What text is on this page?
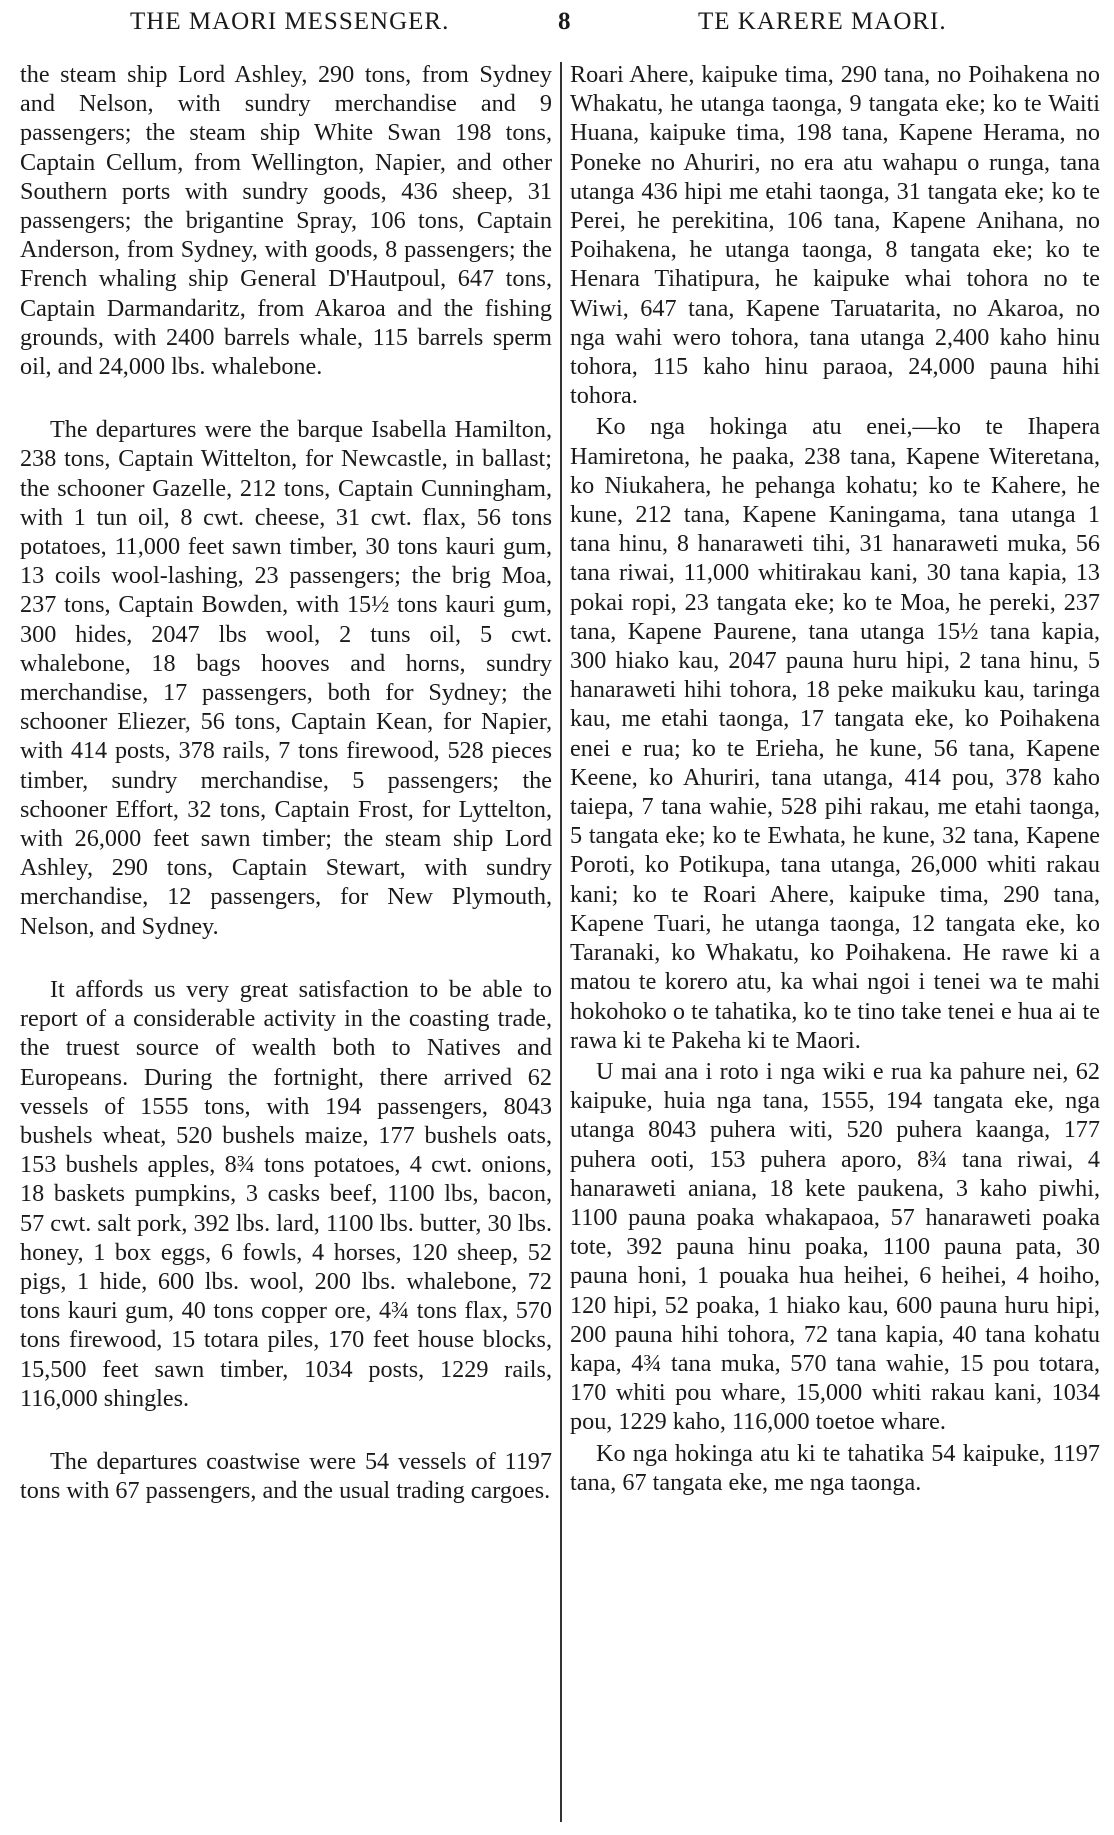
THE MAORI MESSENGER.	8	TE KARERE MAORI.

the steam ship Lord Ashley, 290 tons, from Sydney and Nelson, with sundry merchandise and 9 passengers; the steam ship White Swan 198 tons, Captain Cellum, from Wellington, Napier, and other Southern ports with sundry goods, 436 sheep, 31 passengers; the brigantine Spray, 106 tons, Captain Anderson, from Sydney, with goods, 8 passengers; the French whaling ship General D'Hautpoul, 647 tons, Captain Darmandaritz, from Akaroa and the fishing grounds, with 2400 barrels whale, 115 barrels sperm oil, and 24,000 lbs. whalebone.

The departures were the barque Isabella Hamilton, 238 tons, Captain Wittelton, for Newcastle, in ballast; the schooner Gazelle, 212 tons, Captain Cunningham, with 1 tun oil, 8 cwt. cheese, 31 cwt. flax, 56 tons potatoes, 11,000 feet sawn timber, 30 tons kauri gum, 13 coils wool-lashing, 23 passengers; the brig Moa, 237 tons, Captain Bowden, with 15½ tons kauri gum, 300 hides, 2047 lbs wool, 2 tuns oil, 5 cwt. whalebone, 18 bags hooves and horns, sundry merchandise, 17 passengers, both for Sydney; the schooner Eliezer, 56 tons, Captain Kean, for Napier, with 414 posts, 378 rails, 7 tons firewood, 528 pieces timber, sundry merchandise, 5 passengers; the schooner Effort, 32 tons, Captain Frost, for Lyttelton, with 26,000 feet sawn timber; the steam ship Lord Ashley, 290 tons, Captain Stewart, with sundry merchandise, 12 passengers, for New Plymouth, Nelson, and Sydney.

It affords us very great satisfaction to be able to report of a considerable activity in the coasting trade, the truest source of wealth both to Natives and Europeans. During the fortnight, there arrived 62 vessels of 1555 tons, with 194 passengers, 8043 bushels wheat, 520 bushels maize, 177 bushels oats, 153 bushels apples, 8¾ tons potatoes, 4 cwt. onions, 18 baskets pumpkins, 3 casks beef, 1100 lbs, bacon, 57 cwt. salt pork, 392 lbs. lard, 1100 lbs. butter, 30 lbs. honey, 1 box eggs, 6 fowls, 4 horses, 120 sheep, 52 pigs, 1 hide, 600 lbs. wool, 200 lbs. whalebone, 72 tons kauri gum, 40 tons copper ore, 4¾ tons flax, 570 tons firewood, 15 totara piles, 170 feet house blocks, 15,500 feet sawn timber, 1034 posts, 1229 rails, 116,000 shingles.

The departures coastwise were 54 vessels of 1197 tons with 67 passengers, and the usual trading cargoes.

Roari Ahere, kaipuke tima, 290 tana, no Poihakena no Whakatu, he utanga taonga, 9 tangata eke; ko te Waiti Huana, kaipuke tima, 198 tana, Kapene Herama, no Poneke no Ahuriri, no era atu wahapu o runga, tana utanga 436 hipi me etahi taonga, 31 tangata eke; ko te Perei, he perekitina, 106 tana, Kapene Anihana, no Poihakena, he utanga taonga, 8 tangata eke; ko te Henara Tihatipura, he kaipuke whai tohora no te Wiwi, 647 tana, Kapene Taruatarita, no Akaroa, no nga wahi wero tohora, tana utanga 2,400 kaho hinu tohora, 115 kaho hinu paraoa, 24,000 pauna hihi tohora.

Ko nga hokinga atu enei,—ko te Ihapera Hamiretona, he paaka, 238 tana, Kapene Witeretana, ko Niukahera, he pehanga kohatu; ko te Kahere, he kune, 212 tana, Kapene Kaningama, tana utanga 1 tana hinu, 8 hanaraweti tihi, 31 hanaraweti muka, 56 tana riwai, 11,000 whitirakau kani, 30 tana kapia, 13 pokai ropi, 23 tangata eke; ko te Moa, he pereki, 237 tana, Kapene Paurene, tana utanga 15½ tana kapia, 300 hiako kau, 2047 pauna huru hipi, 2 tana hinu, 5 hanaraweti hihi tohora, 18 peke maikuku kau, taringa kau, me etahi taonga, 17 tangata eke, ko Poihakena enei e rua; ko te Erieha, he kune, 56 tana, Kapene Keene, ko Ahuriri, tana utanga, 414 pou, 378 kaho taiepa, 7 tana wahie, 528 pihi rakau, me etahi taonga, 5 tangata eke; ko te Ewhata, he kune, 32 tana, Kapene Poroti, ko Potikupa, tana utanga, 26,000 whiti rakau kani; ko te Roari Ahere, kaipuke tima, 290 tana, Kapene Tuari, he utanga taonga, 12 tangata eke, ko Taranaki, ko Whakatu, ko Poihakena. He rawe ki a matou te korero atu, ka whai ngoi i tenei wa te mahi hokohoko o te tahatika, ko te tino take tenei e hua ai te rawa ki te Pakeha ki te Maori.

U mai ana i roto i nga wiki e rua ka pahure nei, 62 kaipuke, huia nga tana, 1555, 194 tangata eke, nga utanga 8043 puhera witi, 520 puhera kaanga, 177 puhera ooti, 153 puhera aporo, 8¾ tana riwai, 4 hanaraweti aniana, 18 kete paukena, 3 kaho piwhi, 1100 pauna poaka whakapaoa, 57 hanaraweti poaka tote, 392 pauna hinu poaka, 1100 pauna pata, 30 pauna honi, 1 pouaka hua heihei, 6 heihei, 4 hoiho, 120 hipi, 52 poaka, 1 hiako kau, 600 pauna huru hipi, 200 pauna hihi tohora, 72 tana kapia, 40 tana kohatu kapa, 4¾ tana muka, 570 tana wahie, 15 pou totara, 170 whiti pou whare, 15,000 whiti rakau kani, 1034 pou, 1229 kaho, 116,000 toetoe whare.

Ko nga hokinga atu ki te tahatika 54 kaipuke, 1197 tana, 67 tangata eke, me nga taonga.
